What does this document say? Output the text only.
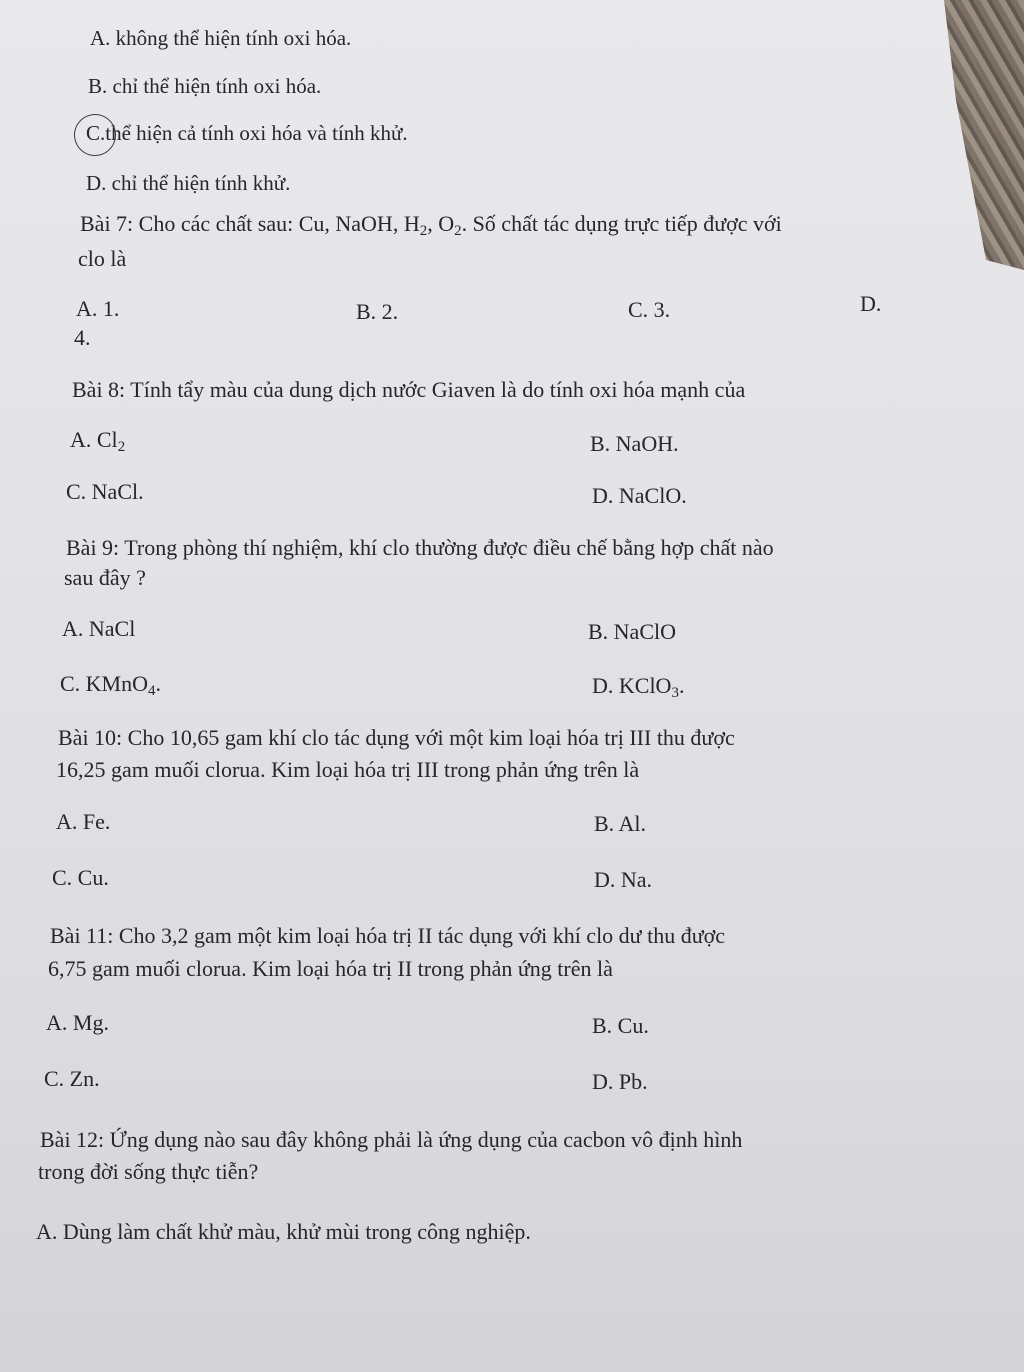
A. không thể hiện tính oxi hóa.
B. chỉ thể hiện tính oxi hóa.
C.thể hiện cả tính oxi hóa và tính khử.
D. chỉ thể hiện tính khử.
Bài 7: Cho các chất sau: Cu, NaOH, $H_2$, $O_2$. Số chất tác dụng trực tiếp được với
clo là
A. 1.	B. 2.	C. 3.	D.
4.
Bài 8: Tính tẩy màu của dung dịch nước Giaven là do tính oxi hóa mạnh của
A. $Cl_2$	B. NaOH.
C. NaCl.	D. NaClO.
Bài 9: Trong phòng thí nghiệm, khí clo thường được điều chế bằng hợp chất nào
sau đây ?
A. NaCl	B. NaClO
C. KMnO$_4$.	D. KClO$_3$.
Bài 10: Cho 10,65 gam khí clo tác dụng với một kim loại hóa trị III thu được
16,25 gam muối clorua. Kim loại hóa trị III trong phản ứng trên là
A. Fe.	B. Al.
C. Cu.	D. Na.
Bài 11: Cho 3,2 gam một kim loại hóa trị II tác dụng với khí clo dư thu được
6,75 gam muối clorua. Kim loại hóa trị II trong phản ứng trên là
A. Mg.	B. Cu.
C. Zn.	D. Pb.
Bài 12: Ứng dụng nào sau đây không phải là ứng dụng của cacbon vô định hình
trong đời sống thực tiễn?
A. Dùng làm chất khử màu, khử mùi trong công nghiệp.
